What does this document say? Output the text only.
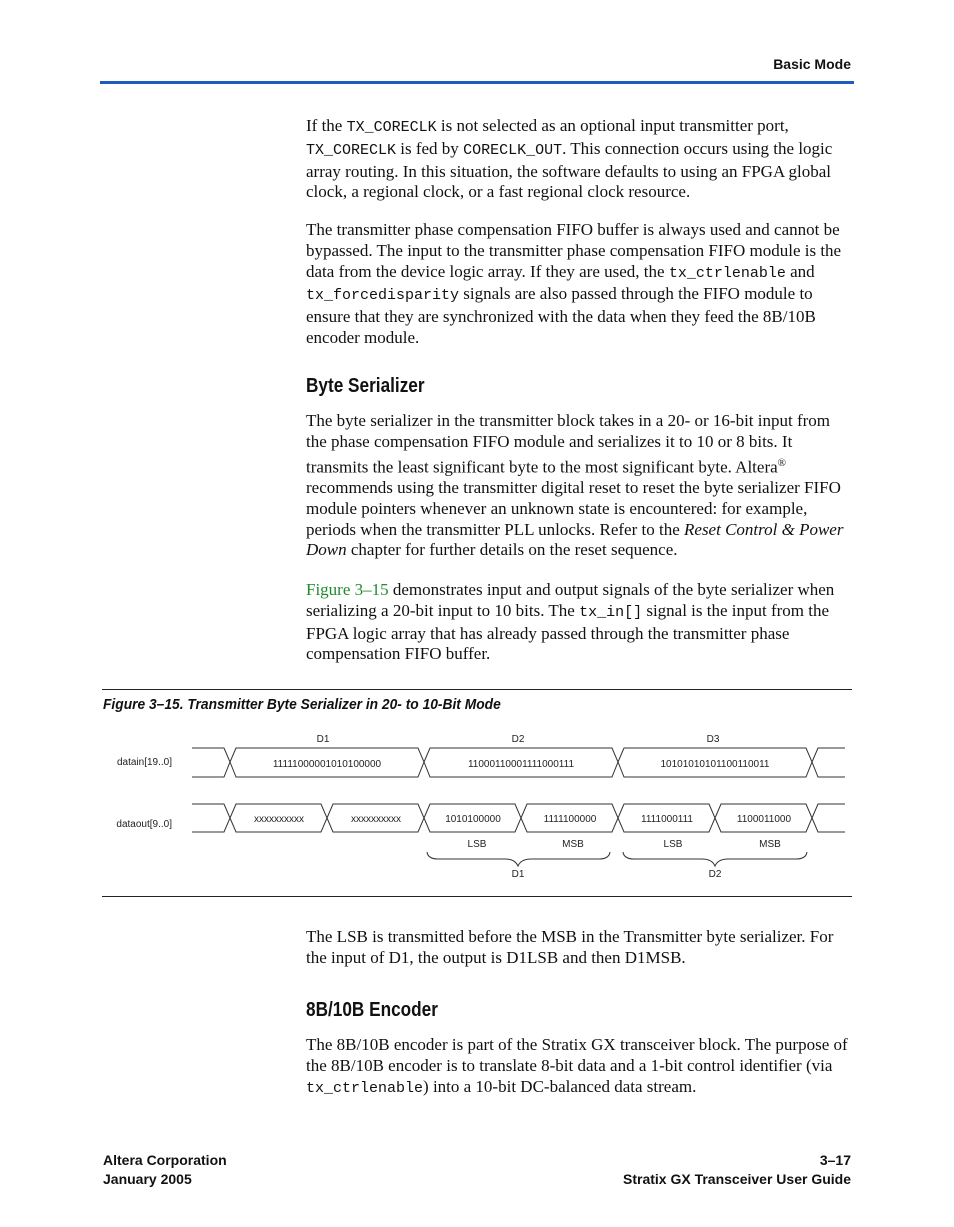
Basic Mode

If the TX_CORECLK is not selected as an optional input transmitter port, TX_CORECLK is fed by CORECLK_OUT. This connection occurs using the logic array routing. In this situation, the software defaults to using an FPGA global clock, a regional clock, or a fast regional clock resource.

The transmitter phase compensation FIFO buffer is always used and cannot be bypassed. The input to the transmitter phase compensation FIFO module is the data from the device logic array. If they are used, the tx_ctrlenable and tx_forcedisparity signals are also passed through the FIFO module to ensure that they are synchronized with the data when they feed the 8B/10B encoder module.

Byte Serializer

The byte serializer in the transmitter block takes in a 20- or 16-bit input from the phase compensation FIFO module and serializes it to 10 or 8 bits. It transmits the least significant byte to the most significant byte. Altera® recommends using the transmitter digital reset to reset the byte serializer FIFO module pointers whenever an unknown state is encountered: for example, periods when the transmitter PLL unlocks. Refer to the Reset Control & Power Down chapter for further details on the reset sequence.

Figure 3–15 demonstrates input and output signals of the byte serializer when serializing a 20-bit input to 10 bits. The tx_in[] signal is the input from the FPGA logic array that has already passed through the transmitter phase compensation FIFO buffer.

Figure 3–15. Transmitter Byte Serializer in 20- to 10-Bit Mode
datain[19..0]
dataout[9..0]
D1	D2	D3
11111000001010100000	11000110001111000111	10101010101100110011
xxxxxxxxxx	xxxxxxxxxx	1010100000	1111100000	1111000111	1100011000
LSB	MSB	LSB	MSB
D1	D2

The LSB is transmitted before the MSB in the Transmitter byte serializer. For the input of D1, the output is D1LSB and then D1MSB.

8B/10B Encoder

The 8B/10B encoder is part of the Stratix GX transceiver block. The purpose of the 8B/10B encoder is to translate 8-bit data and a 1-bit control identifier (via tx_ctrlenable) into a 10-bit DC-balanced data stream.

Altera Corporation
January 2005
3–17
Stratix GX Transceiver User Guide
